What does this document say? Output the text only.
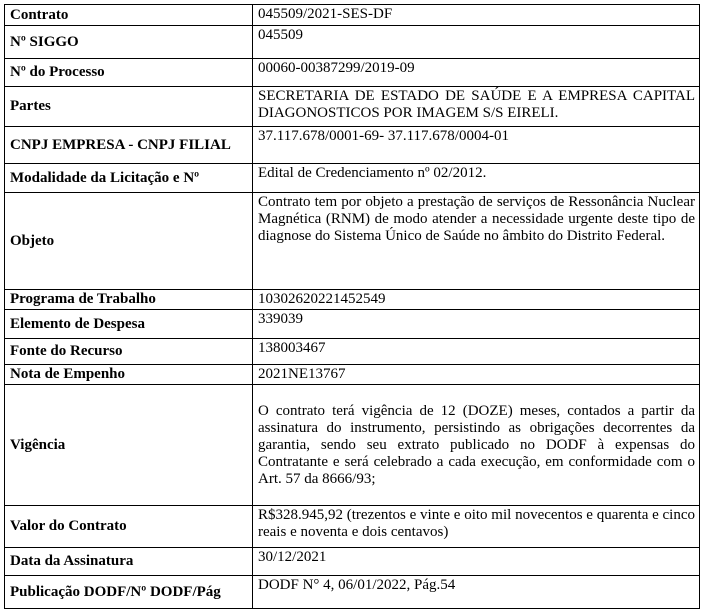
Contrato	045509/2021-SES-DF
Nº SIGGO	045509
Nº do Processo	00060-00387299/2019-09
Partes	SECRETARIA DE ESTADO DE SAÚDE E A EMPRESA CAPITAL DIAGONOSTICOS POR IMAGEM S/S EIRELI.
CNPJ EMPRESA - CNPJ FILIAL	37.117.678/0001-69- 37.117.678/0004-01
Modalidade da Licitação e Nº	Edital de Credenciamento nº 02/2012.
Objeto	Contrato tem por objeto a prestação de serviços de Ressonância Nuclear Magnética (RNM) de modo atender a necessidade urgente deste tipo de diagnose do Sistema Único de Saúde no âmbito do Distrito Federal.
Programa de Trabalho	10302620221452549
Elemento de Despesa	339039
Fonte do Recurso	138003467
Nota de Empenho	2021NE13767
Vigência	O contrato terá vigência de 12 (DOZE) meses, contados a partir da assinatura do instrumento, persistindo as obrigações decorrentes da garantia, sendo seu extrato publicado no DODF à expensas do Contratante e será celebrado a cada execução, em conformidade com o Art. 57 da 8666/93;
Valor do Contrato	R$328.945,92 (trezentos e vinte e oito mil novecentos e quarenta e cinco reais e noventa e dois centavos)
Data da Assinatura	30/12/2021
Publicação DODF/Nº DODF/Pág	DODF N° 4, 06/01/2022, Pág.54
